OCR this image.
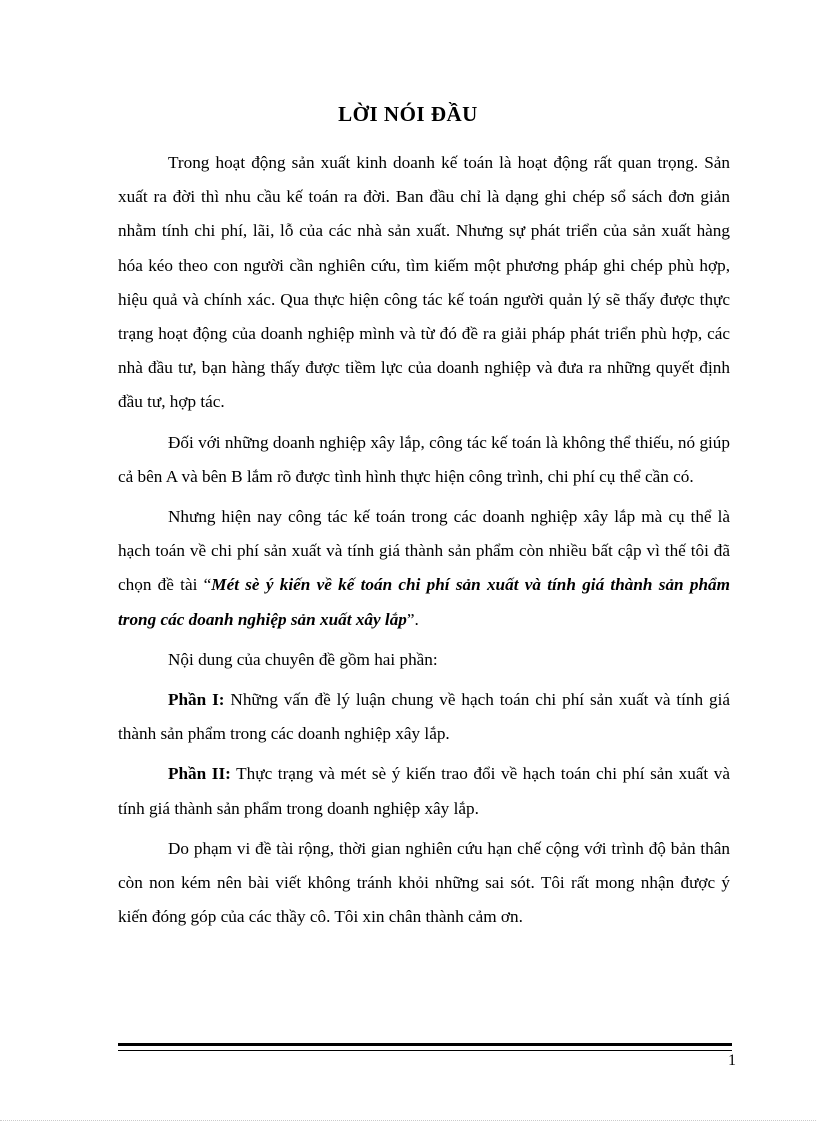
LỜI NÓI ĐẦU

Trong hoạt động sản xuất kinh doanh kế toán là hoạt động rất quan trọng. Sản xuất ra đời thì nhu cầu kế toán ra đời. Ban đầu chỉ là dạng ghi chép sổ sách đơn giản nhằm tính chi phí, lãi, lỗ của các nhà sản xuất. Nhưng sự phát triển của sản xuất hàng hóa kéo theo con người cần nghiên cứu, tìm kiếm một phương pháp ghi chép phù hợp, hiệu quả và chính xác. Qua thực hiện công tác kế toán người quản lý sẽ thấy được thực trạng hoạt động của doanh nghiệp mình và từ đó đề ra giải pháp phát triển phù hợp, các nhà đầu tư, bạn hàng thấy được tiềm lực của doanh nghiệp và đưa ra những quyết định đầu tư, hợp tác.

Đối với những doanh nghiệp xây lắp, công tác kế toán là không thể thiếu, nó giúp cả bên A và bên B lắm rõ được tình hình thực hiện công trình, chi phí cụ thể cần có.

Nhưng hiện nay công tác kế toán trong các doanh nghiệp xây lắp mà cụ thể là hạch toán về chi phí sản xuất và tính giá thành sản phẩm còn nhiều bất cập vì thế tôi đã chọn đề tài “Mét sè ý kiến về kế toán chi phí sản xuất và tính giá thành sản phẩm trong các doanh nghiệp sản xuất xây lắp”.

Nội dung của chuyên đề gồm hai phần:

Phần I: Những vấn đề lý luận chung về hạch toán chi phí sản xuất và tính giá thành sản phẩm trong các doanh nghiệp xây lắp.

Phần II: Thực trạng và mét sè ý kiến trao đổi về hạch toán chi phí sản xuất và tính giá thành sản phẩm trong doanh nghiệp xây lắp.

Do phạm vi đề tài rộng, thời gian nghiên cứu hạn chế cộng với trình độ bản thân còn non kém nên bài viết không tránh khỏi những sai sót. Tôi rất mong nhận được ý kiến đóng góp của các thầy cô. Tôi xin chân thành cảm ơn.

1
